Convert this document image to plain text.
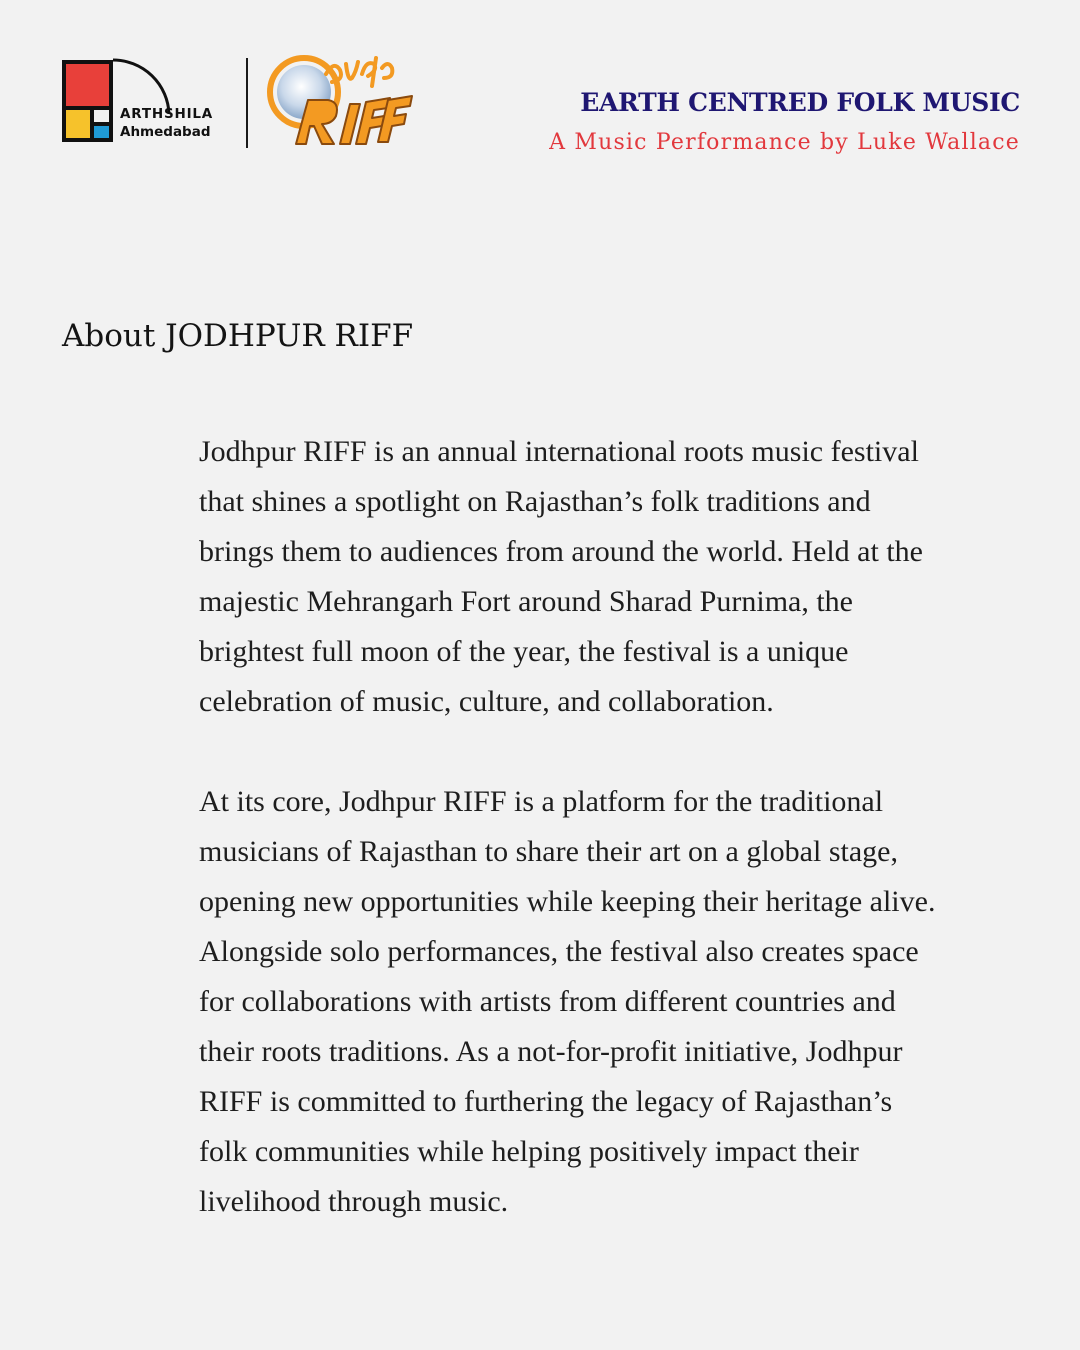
ARTHSHILA
Ahmedabad
EARTH CENTRED FOLK MUSIC
A Music Performance by Luke Wallace
About JODHPUR RIFF

Jodhpur RIFF is an annual international roots music festival that shines a spotlight on Rajasthan’s folk traditions and brings them to audiences from around the world. Held at the majestic Mehrangarh Fort around Sharad Purnima, the brightest full moon of the year, the festival is a unique celebration of music, culture, and collaboration.

At its core, Jodhpur RIFF is a platform for the traditional musicians of Rajasthan to share their art on a global stage, opening new opportunities while keeping their heritage alive. Alongside solo performances, the festival also creates space for collaborations with artists from different countries and their roots traditions. As a not-for-profit initiative, Jodhpur RIFF is committed to furthering the legacy of Rajasthan’s folk communities while helping positively impact their livelihood through music.
